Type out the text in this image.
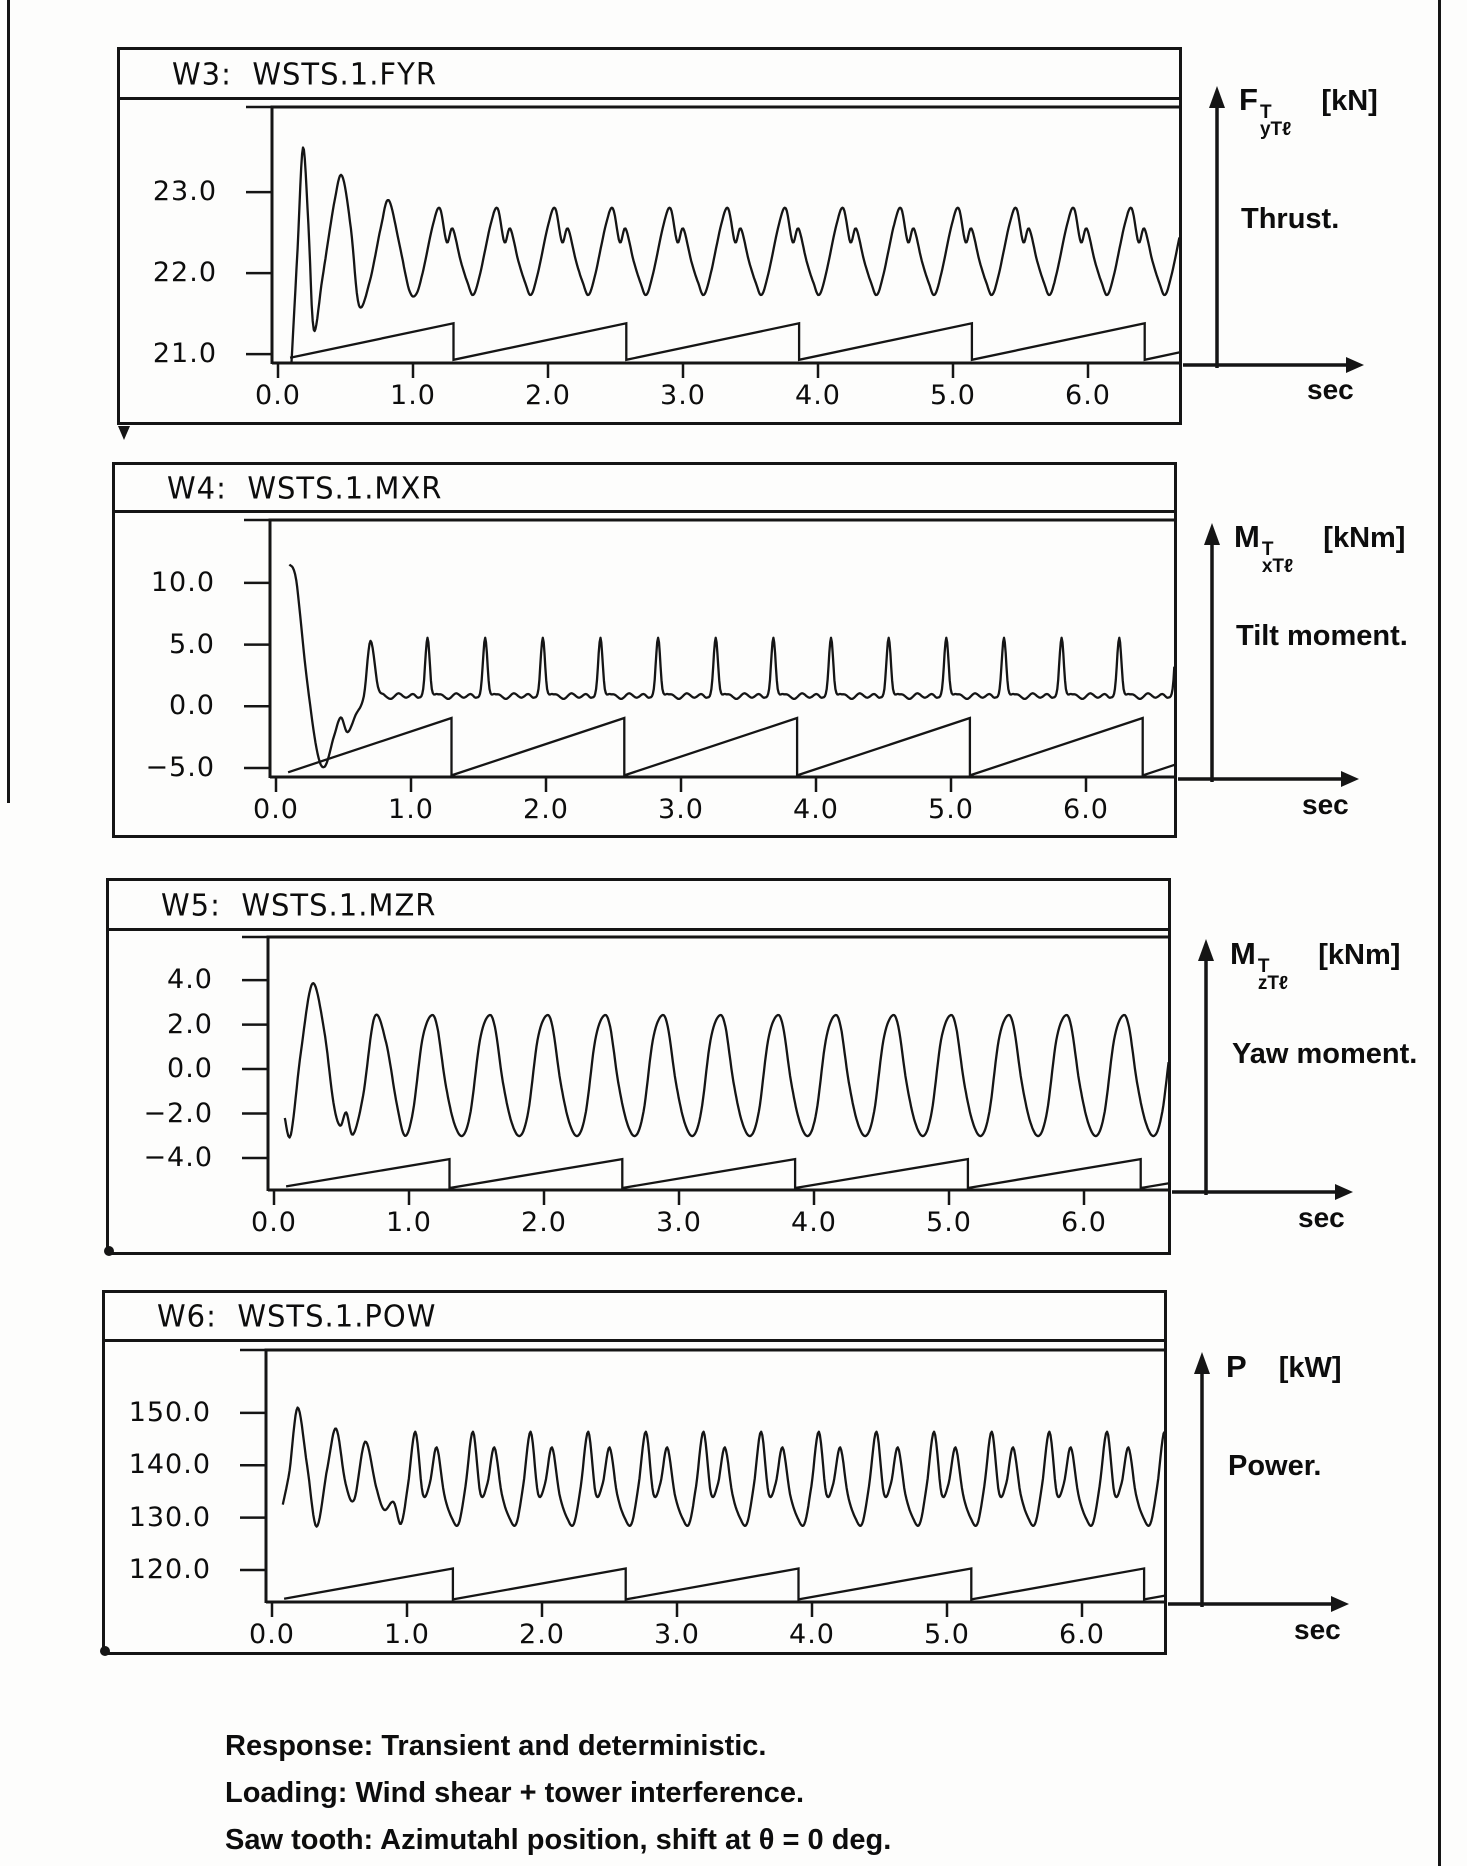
W3:  WSTS.1.FYR
W4:  WSTS.1.MXR
W5:  WSTS.1.MZR
W6:  WSTS.1.POW
23.0
22.0
21.0
0.0	1.0	2.0	3.0	4.0	5.0	6.0
10.0
5.0
0.0
−5.0
0.0	1.0	2.0	3.0	4.0	5.0	6.0
4.0
2.0
0.0
−2.0
−4.0
0.0	1.0	2.0	3.0	4.0	5.0	6.0
150.0
140.0
130.0
120.0
0.0	1.0	2.0	3.0	4.0	5.0	6.0
F T
yTℓ
[kN]
Thrust.
sec
M T
xTℓ
[kNm]
Tilt moment.
sec
M T
zTℓ
[kNm]
Yaw moment.
sec
P [kW]
Power.
sec
Response: Transient and deterministic.
Loading: Wind shear + tower interference.
Saw tooth: Azimutahl position, shift at θ = 0 deg.
